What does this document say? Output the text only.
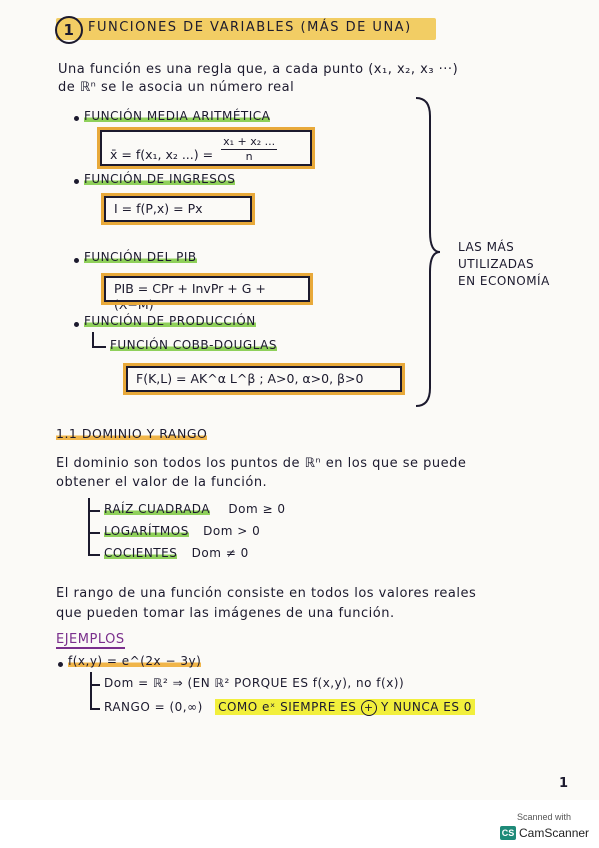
1	FUNCIONES DE VARIABLES (MÁS DE UNA)
Una función es una regla que, a cada punto (x₁, x₂, x₃ ···)
de ℝⁿ se le asocia un número real
FUNCIÓN MEDIA ARITMÉTICA
x̄ = f(x₁, x₂ ...) = $\frac{\text{x₁ + x₂ ...}}{n}$
FUNCIÓN DE INGRESOS
I = f(P,x) = Px
FUNCIÓN DEL PIB
PIB = CPr + InvPr + G + (X−M)
FUNCIÓN DE PRODUCCIÓN
FUNCIÓN COBB-DOUGLAS
F(K,L) = AK^α L^β ; A>0, α>0, β>0
LAS MÁS
UTILIZADAS
EN ECONOMÍA
1.1 DOMINIO Y RANGO
El dominio son todos los puntos de ℝⁿ en los que se puede
obtener el valor de la función.
RAÍZ CUADRADA Dom ≥ 0
LOGARÍTMOS Dom > 0
COCIENTES Dom ≠ 0
El rango de una función consiste en todos los valores reales
que pueden tomar las imágenes de una función.
EJEMPLOS
f(x,y) = e^(2x − 3y)
Dom = ℝ² ⇒ (EN ℝ² PORQUE ES f(x,y), no f(x))
RANGO = (0,∞) COMO eˣ SIEMPRE ES + Y NUNCA ES 0
1
Scanned with
CS CamScanner
